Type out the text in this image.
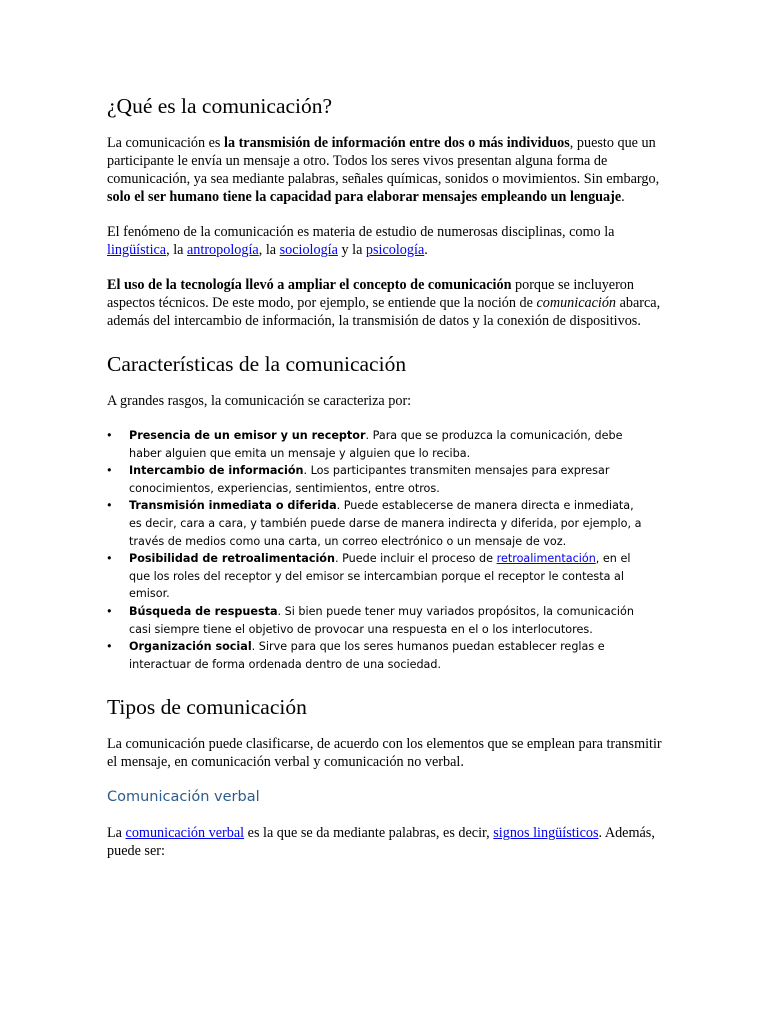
¿Qué es la comunicación?

La comunicación es la transmisión de información entre dos o más individuos, puesto que un participante le envía un mensaje a otro. Todos los seres vivos presentan alguna forma de comunicación, ya sea mediante palabras, señales químicas, sonidos o movimientos. Sin embargo, solo el ser humano tiene la capacidad para elaborar mensajes empleando un lenguaje.

El fenómeno de la comunicación es materia de estudio de numerosas disciplinas, como la lingüística, la antropología, la sociología y la psicología.

El uso de la tecnología llevó a ampliar el concepto de comunicación porque se incluyeron aspectos técnicos. De este modo, por ejemplo, se entiende que la noción de comunicación abarca, además del intercambio de información, la transmisión de datos y la conexión de dispositivos.

Características de la comunicación

A grandes rasgos, la comunicación se caracteriza por:

• Presencia de un emisor y un receptor. Para que se produzca la comunicación, debe haber alguien que emita un mensaje y alguien que lo reciba.
• Intercambio de información. Los participantes transmiten mensajes para expresar conocimientos, experiencias, sentimientos, entre otros.
• Transmisión inmediata o diferida. Puede establecerse de manera directa e inmediata, es decir, cara a cara, y también puede darse de manera indirecta y diferida, por ejemplo, a través de medios como una carta, un correo electrónico o un mensaje de voz.
• Posibilidad de retroalimentación. Puede incluir el proceso de retroalimentación, en el que los roles del receptor y del emisor se intercambian porque el receptor le contesta al emisor.
• Búsqueda de respuesta. Si bien puede tener muy variados propósitos, la comunicación casi siempre tiene el objetivo de provocar una respuesta en el o los interlocutores.
• Organización social. Sirve para que los seres humanos puedan establecer reglas e interactuar de forma ordenada dentro de una sociedad.
Tipos de comunicación

La comunicación puede clasificarse, de acuerdo con los elementos que se emplean para transmitir el mensaje, en comunicación verbal y comunicación no verbal.

Comunicación verbal

La comunicación verbal es la que se da mediante palabras, es decir, signos lingüísticos. Además, puede ser:
